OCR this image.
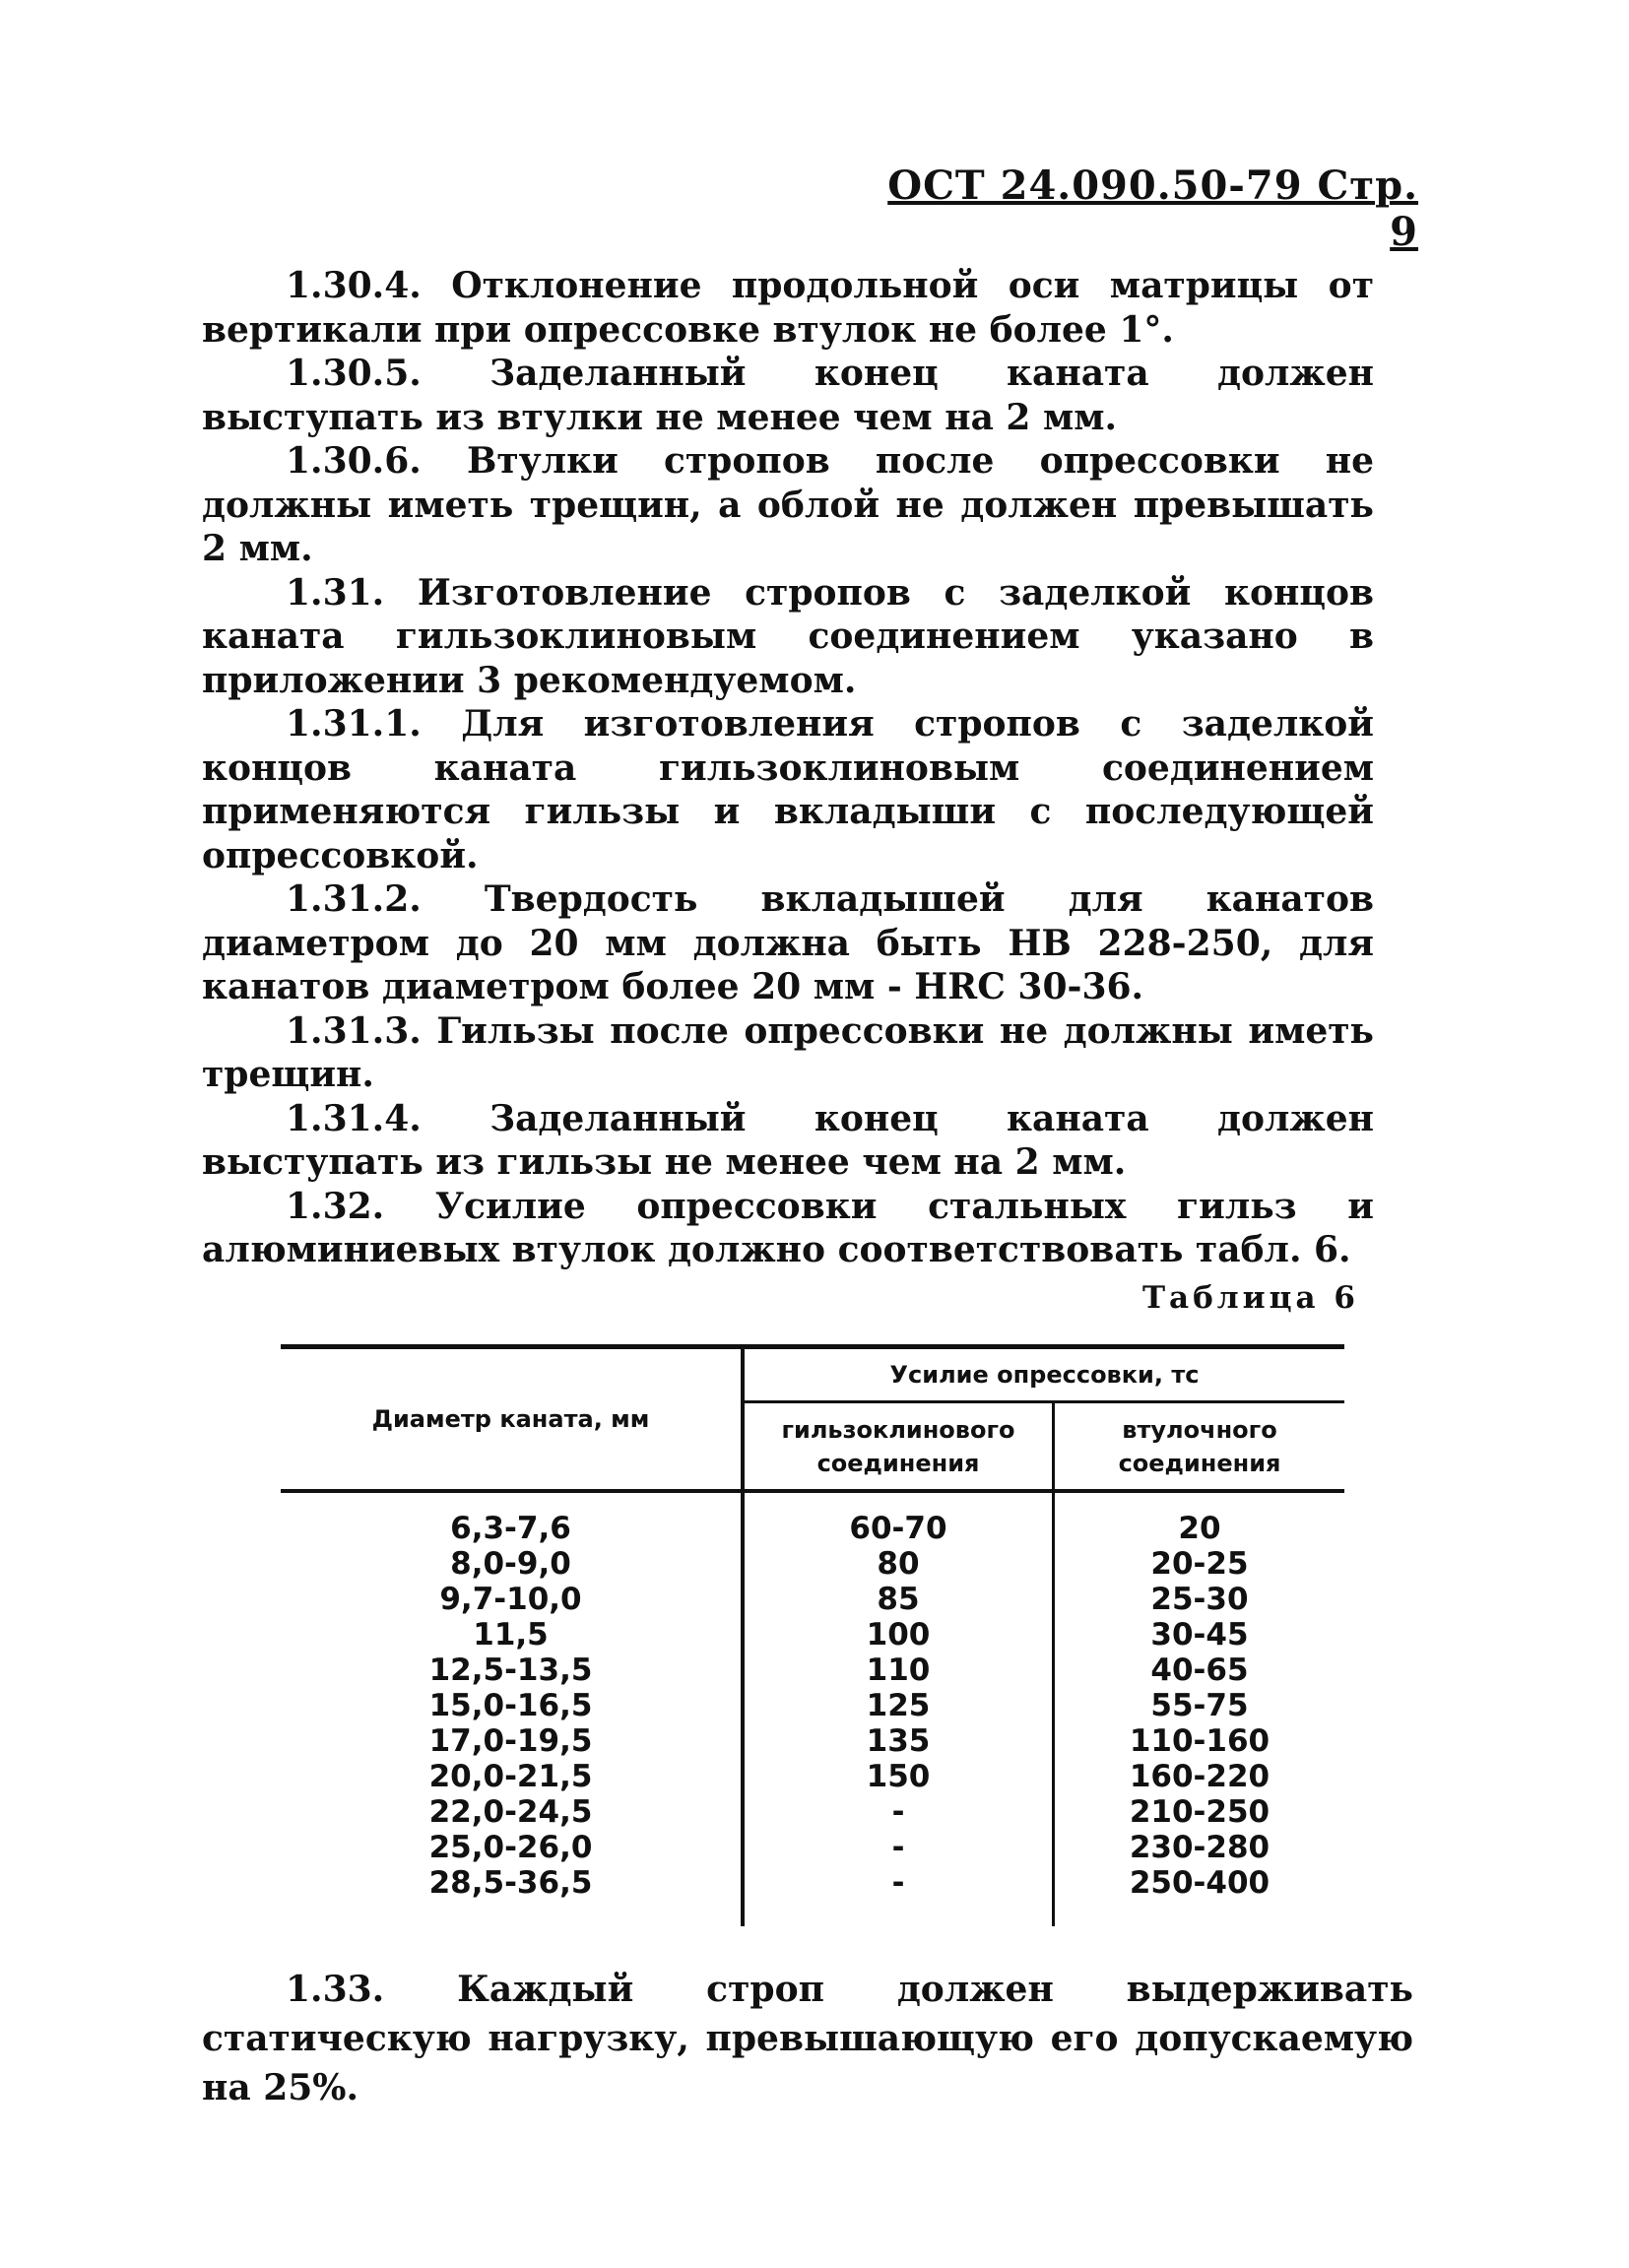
ОСТ 24.090.50-79 Стр. 9

1.30.4. Отклонение продольной оси матрицы от вертикали при опрессовке втулок не более 1°.

1.30.5. Заделанный конец каната должен выступать из втулки не менее чем на 2 мм.

1.30.6. Втулки стропов после опрессовки не должны иметь трещин, а облой не должен превышать 2 мм.

1.31. Изготовление стропов с заделкой концов каната гильзоклиновым соединением указано в приложении 3 рекомендуемом.

1.31.1. Для изготовления стропов с заделкой концов каната гильзоклиновым соединением применяются гильзы и вкладыши с последующей опрессовкой.

1.31.2. Твердость вкладышей для канатов диаметром до 20 мм должна быть НВ 228-250, для канатов диаметром более 20 мм - HRC 30-36.

1.31.3. Гильзы после опрессовки не должны иметь трещин.

1.31.4. Заделанный конец каната должен выступать из гильзы не менее чем на 2 мм.

1.32. Усилие опрессовки стальных гильз и алюминиевых втулок должно соответствовать табл. 6.

Таблица 6
Диаметр каната, мм	Усилие опрессовки, тс	
	гильзоклинового соединения	втулочного соединения
6,3-7,6	60-70	20
8,0-9,0	80	20-25
9,7-10,0	85	25-30
11,5	100	30-45
12,5-13,5	110	40-65
15,0-16,5	125	55-75
17,0-19,5	135	110-160
20,0-21,5	150	160-220
22,0-24,5	-	210-250
25,0-26,0	-	230-280
28,5-36,5	-	250-400

1.33. Каждый строп должен выдерживать статическую нагрузку, превышающую его допускаемую на 25%.
